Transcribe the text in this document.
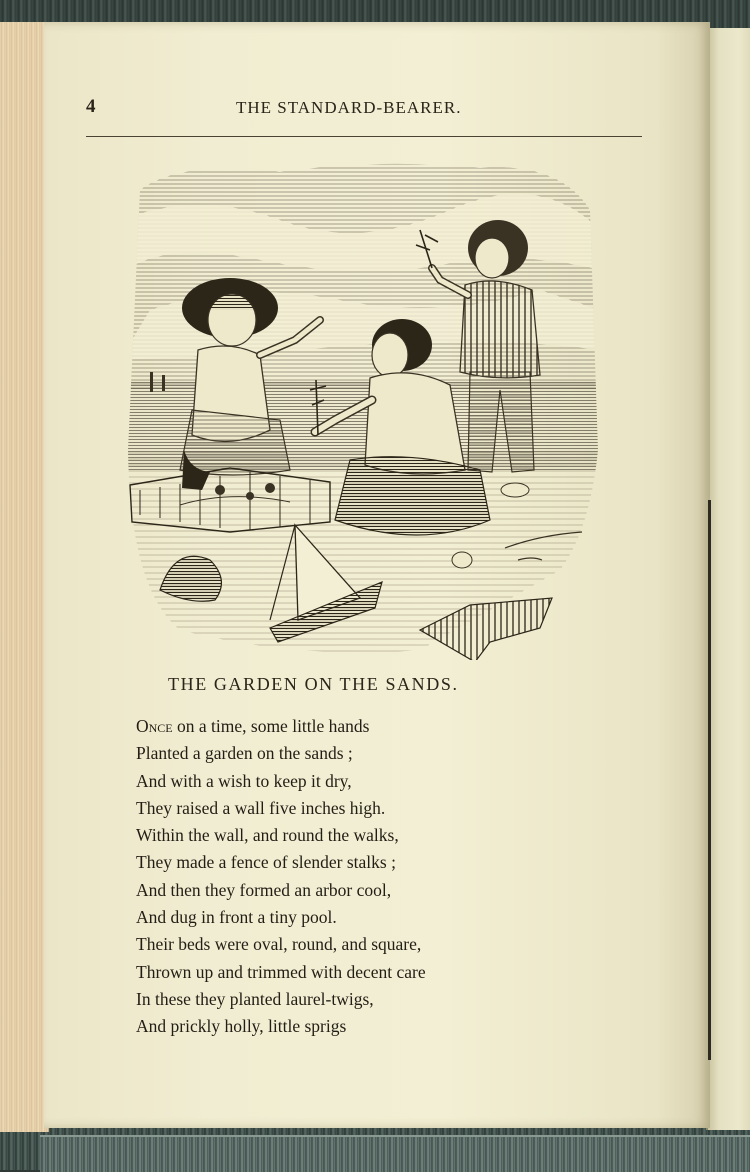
4	THE STANDARD-BEARER.
THE GARDEN ON THE SANDS.
Once on a time, some little hands
Planted a garden on the sands ;
And with a wish to keep it dry,
They raised a wall five inches high.
Within the wall, and round the walks,
They made a fence of slender stalks ;
And then they formed an arbor cool,
And dug in front a tiny pool.
Their beds were oval, round, and square,
Thrown up and trimmed with decent care
In these they planted laurel-twigs,
And prickly holly, little sprigs
